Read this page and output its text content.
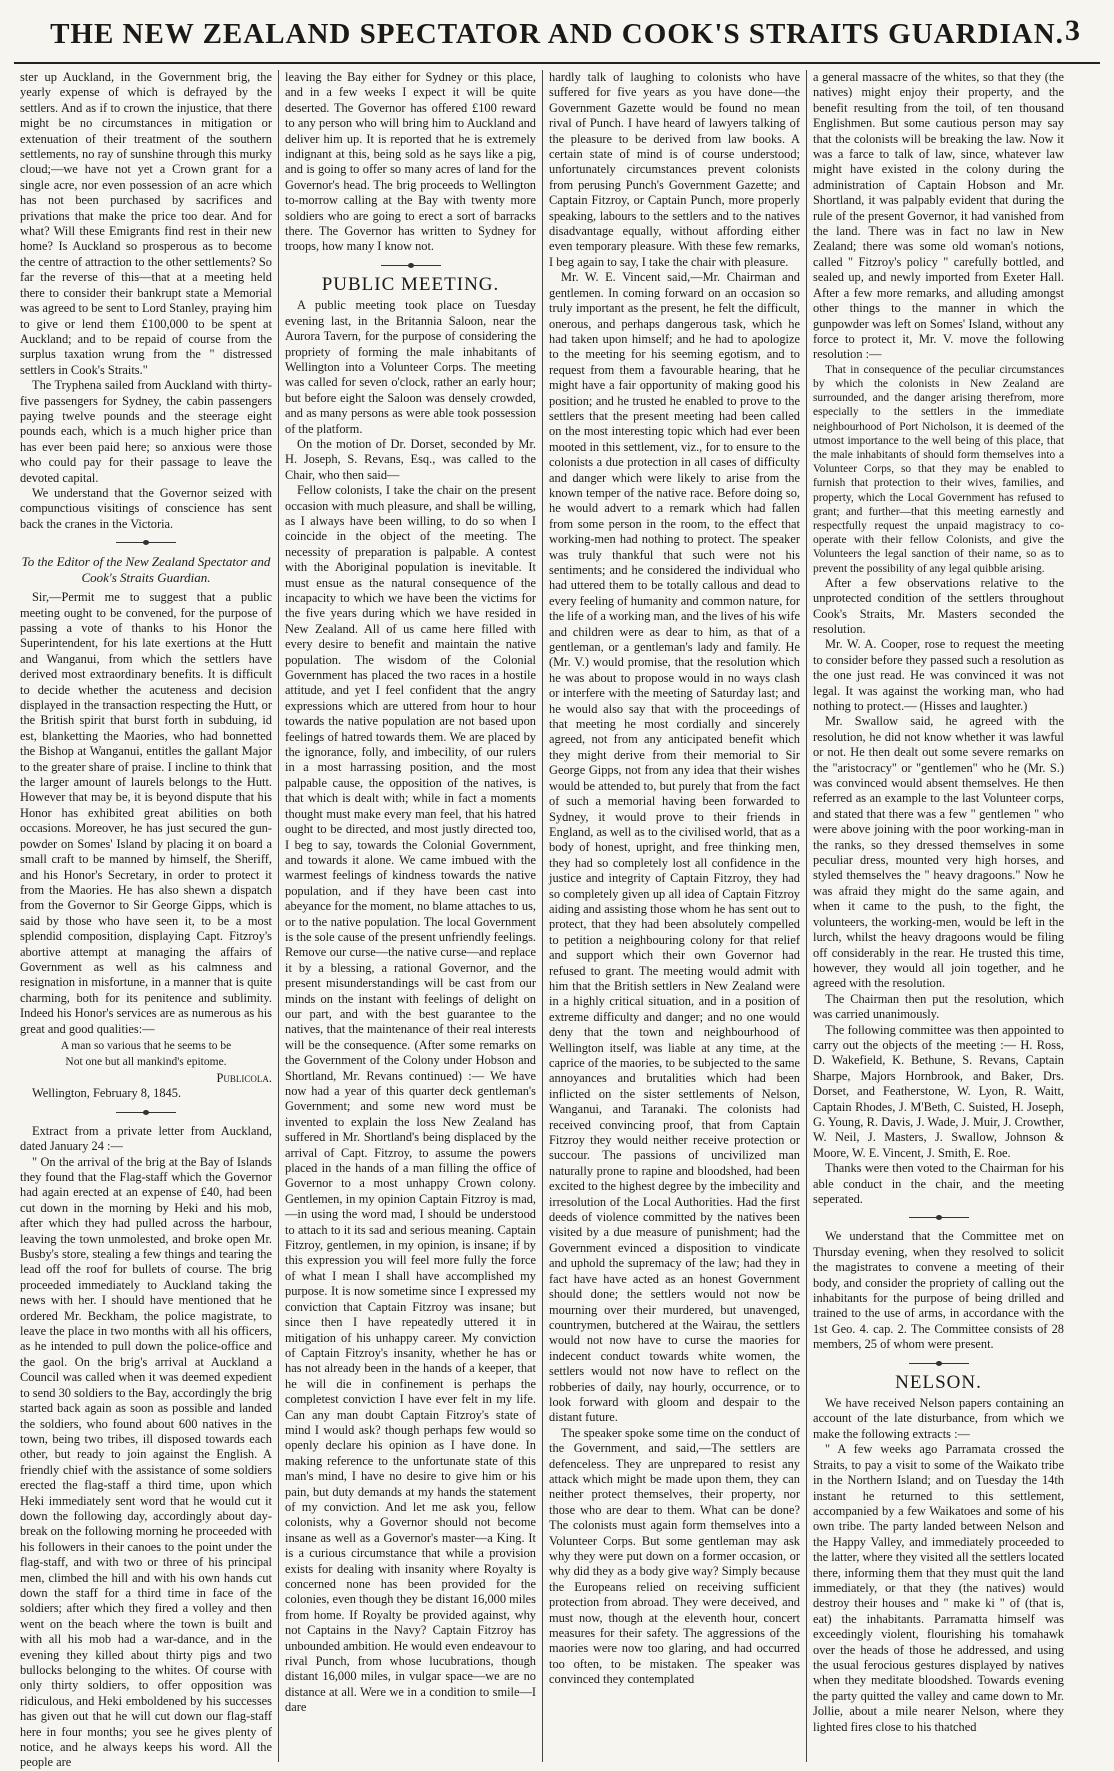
THE NEW ZEALAND SPECTATOR AND COOK'S STRAITS GUARDIAN. 3

ster up Auckland, in the Government brig, the yearly expense of which is defrayed by the settlers. And as if to crown the injustice, that there might be no circumstances in mitigation or extenuation of their treatment of the southern settlements, no ray of sunshine through this murky cloud;—we have not yet a Crown grant for a single acre, nor even possession of an acre which has not been purchased by sacrifices and privations that make the price too dear. And for what? Will these Emigrants find rest in their new home? Is Auckland so prosperous as to become the centre of attraction to the other settlements? So far the reverse of this—that at a meeting held there to consider their bankrupt state a Memorial was agreed to be sent to Lord Stanley, praying him to give or lend them £100,000 to be spent at Auckland; and to be repaid of course from the surplus taxation wrung from the " distressed settlers in Cook's Straits."

The Tryphena sailed from Auckland with thirty-five passengers for Sydney, the cabin passengers paying twelve pounds and the steerage eight pounds each, which is a much higher price than has ever been paid here; so anxious were those who could pay for their passage to leave the devoted capital.

We understand that the Governor seized with compunctious visitings of conscience has sent back the cranes in the Victoria.

To the Editor of the New Zealand Spectator and Cook's Straits Guardian.

Sir,—Permit me to suggest that a public meeting ought to be convened, for the purpose of passing a vote of thanks to his Honor the Superintendent, for his late exertions at the Hutt and Wanganui, from which the settlers have derived most extraordinary benefits. It is difficult to decide whether the acuteness and decision displayed in the transaction respecting the Hutt, or the British spirit that burst forth in subduing, id est, blanketting the Maories, who had bonnetted the Bishop at Wanganui, entitles the gallant Major to the greater share of praise. I incline to think that the larger amount of laurels belongs to the Hutt. However that may be, it is beyond dispute that his Honor has exhibited great abilities on both occasions. Moreover, he has just secured the gun-powder on Somes' Island by placing it on board a small craft to be manned by himself, the Sheriff, and his Honor's Secretary, in order to protect it from the Maories. He has also shewn a dispatch from the Governor to Sir George Gipps, which is said by those who have seen it, to be a most splendid composition, displaying Capt. Fitzroy's abortive attempt at managing the affairs of Government as well as his calmness and resignation in misfortune, in a manner that is quite charming, both for its penitence and sublimity. Indeed his Honor's services are as numerous as his great and good qualities:—

A man so various that he seems to be
Not one but all mankind's epitome.

Publicola.

Wellington, February 8, 1845.

Extract from a private letter from Auckland, dated January 24 :—

" On the arrival of the brig at the Bay of Islands they found that the Flag-staff which the Governor had again erected at an expense of £40, had been cut down in the morning by Heki and his mob, after which they had pulled across the harbour, leaving the town unmolested, and broke open Mr. Busby's store, stealing a few things and tearing the lead off the roof for bullets of course. The brig proceeded immediately to Auckland taking the news with her. I should have mentioned that he ordered Mr. Beckham, the police magistrate, to leave the place in two months with all his officers, as he intended to pull down the police-office and the gaol. On the brig's arrival at Auckland a Council was called when it was deemed expedient to send 30 soldiers to the Bay, accordingly the brig started back again as soon as possible and landed the soldiers, who found about 600 natives in the town, being two tribes, ill disposed towards each other, but ready to join against the English. A friendly chief with the assistance of some soldiers erected the flag-staff a third time, upon which Heki immediately sent word that he would cut it down the following day, accordingly about day-break on the following morning he proceeded with his followers in their canoes to the point under the flag-staff, and with two or three of his principal men, climbed the hill and with his own hands cut down the staff for a third time in face of the soldiers; after which they fired a volley and then went on the beach where the town is built and with all his mob had a war-dance, and in the evening they killed about thirty pigs and two bullocks belonging to the whites. Of course with only thirty soldiers, to offer opposition was ridiculous, and Heki emboldened by his successes has given out that he will cut down our flag-staff here in four months; you see he gives plenty of notice, and he always keeps his word. All the people are

leaving the Bay either for Sydney or this place, and in a few weeks I expect it will be quite deserted. The Governor has offered £100 reward to any person who will bring him to Auckland and deliver him up. It is reported that he is extremely indignant at this, being sold as he says like a pig, and is going to offer so many acres of land for the Governor's head. The brig proceeds to Wellington to-morrow calling at the Bay with twenty more soldiers who are going to erect a sort of barracks there. The Governor has written to Sydney for troops, how many I know not.

PUBLIC MEETING.

A public meeting took place on Tuesday evening last, in the Britannia Saloon, near the Aurora Tavern, for the purpose of considering the propriety of forming the male inhabitants of Wellington into a Volunteer Corps. The meeting was called for seven o'clock, rather an early hour; but before eight the Saloon was densely crowded, and as many persons as were able took possession of the platform.

On the motion of Dr. Dorset, seconded by Mr. H. Joseph, S. Revans, Esq., was called to the Chair, who then said—

Fellow colonists, I take the chair on the present occasion with much pleasure, and shall be willing, as I always have been willing, to do so when I coincide in the object of the meeting. The necessity of preparation is palpable. A contest with the Aboriginal population is inevitable. It must ensue as the natural consequence of the incapacity to which we have been the victims for the five years during which we have resided in New Zealand. All of us came here filled with every desire to benefit and maintain the native population. The wisdom of the Colonial Government has placed the two races in a hostile attitude, and yet I feel confident that the angry expressions which are uttered from hour to hour towards the native population are not based upon feelings of hatred towards them. We are placed by the ignorance, folly, and imbecility, of our rulers in a most harrassing position, and the most palpable cause, the opposition of the natives, is that which is dealt with; while in fact a moments thought must make every man feel, that his hatred ought to be directed, and most justly directed too, I beg to say, towards the Colonial Government, and towards it alone. We came imbued with the warmest feelings of kindness towards the native population, and if they have been cast into abeyance for the moment, no blame attaches to us, or to the native population. The local Government is the sole cause of the present unfriendly feelings. Remove our curse—the native curse—and replace it by a blessing, a rational Governor, and the present misunderstandings will be cast from our minds on the instant with feelings of delight on our part, and with the best guarantee to the natives, that the maintenance of their real interests will be the consequence. (After some remarks on the Government of the Colony under Hobson and Shortland, Mr. Revans continued) :— We have now had a year of this quarter deck gentleman's Government; and some new word must be invented to explain the loss New Zealand has suffered in Mr. Shortland's being displaced by the arrival of Capt. Fitzroy, to assume the powers placed in the hands of a man filling the office of Governor to a most unhappy Crown colony. Gentlemen, in my opinion Captain Fitzroy is mad, —in using the word mad, I should be understood to attach to it its sad and serious meaning. Captain Fitzroy, gentlemen, in my opinion, is insane; if by this expression you will feel more fully the force of what I mean I shall have accomplished my purpose. It is now sometime since I expressed my conviction that Captain Fitzroy was insane; but since then I have repeatedly uttered it in mitigation of his unhappy career. My conviction of Captain Fitzroy's insanity, whether he has or has not already been in the hands of a keeper, that he will die in confinement is perhaps the completest conviction I have ever felt in my life. Can any man doubt Captain Fitzroy's state of mind I would ask? though perhaps few would so openly declare his opinion as I have done. In making reference to the unfortunate state of this man's mind, I have no desire to give him or his pain, but duty demands at my hands the statement of my conviction. And let me ask you, fellow colonists, why a Governor should not become insane as well as a Governor's master—a King. It is a curious circumstance that while a provision exists for dealing with insanity where Royalty is concerned none has been provided for the colonies, even though they be distant 16,000 miles from home. If Royalty be provided against, why not Captains in the Navy? Captain Fitzroy has unbounded ambition. He would even endeavour to rival Punch, from whose lucubrations, though distant 16,000 miles, in vulgar space—we are no distance at all. Were we in a condition to smile—I dare

hardly talk of laughing to colonists who have suffered for five years as you have done—the Government Gazette would be found no mean rival of Punch. I have heard of lawyers talking of the pleasure to be derived from law books. A certain state of mind is of course understood; unfortunately circumstances prevent colonists from perusing Punch's Government Gazette; and Captain Fitzroy, or Captain Punch, more properly speaking, labours to the settlers and to the natives disadvantage equally, without affording either even temporary pleasure. With these few remarks, I beg again to say, I take the chair with pleasure.

Mr. W. E. Vincent said,—Mr. Chairman and gentlemen. In coming forward on an occasion so truly important as the present, he felt the difficult, onerous, and perhaps dangerous task, which he had taken upon himself; and he had to apologize to the meeting for his seeming egotism, and to request from them a favourable hearing, that he might have a fair opportunity of making good his position; and he trusted he enabled to prove to the settlers that the present meeting had been called on the most interesting topic which had ever been mooted in this settlement, viz., for to ensure to the colonists a due protection in all cases of difficulty and danger which were likely to arise from the known temper of the native race. Before doing so, he would advert to a remark which had fallen from some person in the room, to the effect that working-men had nothing to protect. The speaker was truly thankful that such were not his sentiments; and he considered the individual who had uttered them to be totally callous and dead to every feeling of humanity and common nature, for the life of a working man, and the lives of his wife and children were as dear to him, as that of a gentleman, or a gentleman's lady and family. He (Mr. V.) would promise, that the resolution which he was about to propose would in no ways clash or interfere with the meeting of Saturday last; and he would also say that with the proceedings of that meeting he most cordially and sincerely agreed, not from any anticipated benefit which they might derive from their memorial to Sir George Gipps, not from any idea that their wishes would be attended to, but purely that from the fact of such a memorial having been forwarded to Sydney, it would prove to their friends in England, as well as to the civilised world, that as a body of honest, upright, and free thinking men, they had so completely lost all confidence in the justice and integrity of Captain Fitzroy, they had so completely given up all idea of Captain Fitzroy aiding and assisting those whom he has sent out to protect, that they had been absolutely compelled to petition a neighbouring colony for that relief and support which their own Governor had refused to grant. The meeting would admit with him that the British settlers in New Zealand were in a highly critical situation, and in a position of extreme difficulty and danger; and no one would deny that the town and neighbourhood of Wellington itself, was liable at any time, at the caprice of the maories, to be subjected to the same annoyances and brutalities which had been inflicted on the sister settlements of Nelson, Wanganui, and Taranaki. The colonists had received convincing proof, that from Captain Fitzroy they would neither receive protection or succour. The passions of uncivilized man naturally prone to rapine and bloodshed, had been excited to the highest degree by the imbecility and irresolution of the Local Authorities. Had the first deeds of violence committed by the natives been visited by a due measure of punishment; had the Government evinced a disposition to vindicate and uphold the supremacy of the law; had they in fact have have acted as an honest Government should done; the settlers would not now be mourning over their murdered, but unavenged, countrymen, butchered at the Wairau, the settlers would not now have to curse the maories for indecent conduct towards white women, the settlers would not now have to reflect on the robberies of daily, nay hourly, occurrence, or to look forward with gloom and despair to the distant future.

The speaker spoke some time on the conduct of the Government, and said,—The settlers are defenceless. They are unprepared to resist any attack which might be made upon them, they can neither protect themselves, their property, nor those who are dear to them. What can be done? The colonists must again form themselves into a Volunteer Corps. But some gentleman may ask why they were put down on a former occasion, or why did they as a body give way? Simply because the Europeans relied on receiving sufficient protection from abroad. They were deceived, and must now, though at the eleventh hour, concert measures for their safety. The aggressions of the maories were now too glaring, and had occurred too often, to be mistaken. The speaker was convinced they contemplated

a general massacre of the whites, so that they (the natives) might enjoy their property, and the benefit resulting from the toil, of ten thousand Englishmen. But some cautious person may say that the colonists will be breaking the law. Now it was a farce to talk of law, since, whatever law might have existed in the colony during the administration of Captain Hobson and Mr. Shortland, it was palpably evident that during the rule of the present Governor, it had vanished from the land. There was in fact no law in New Zealand; there was some old woman's notions, called " Fitzroy's policy " carefully bottled, and sealed up, and newly imported from Exeter Hall. After a few more remarks, and alluding amongst other things to the manner in which the gunpowder was left on Somes' Island, without any force to protect it, Mr. V. move the following resolution :—

That in consequence of the peculiar circumstances by which the colonists in New Zealand are surrounded, and the danger arising therefrom, more especially to the settlers in the immediate neighbourhood of Port Nicholson, it is deemed of the utmost importance to the well being of this place, that the male inhabitants of should form themselves into a Volunteer Corps, so that they may be enabled to furnish that protection to their wives, families, and property, which the Local Government has refused to grant; and further—that this meeting earnestly and respectfully request the unpaid magistracy to co-operate with their fellow Colonists, and give the Volunteers the legal sanction of their name, so as to prevent the possibility of any legal quibble arising.

After a few observations relative to the unprotected condition of the settlers throughout Cook's Straits, Mr. Masters seconded the resolution.

Mr. W. A. Cooper, rose to request the meeting to consider before they passed such a resolution as the one just read. He was convinced it was not legal. It was against the working man, who had nothing to protect.— (Hisses and laughter.)

Mr. Swallow said, he agreed with the resolution, he did not know whether it was lawful or not. He then dealt out some severe remarks on the "aristocracy" or "gentlemen" who he (Mr. S.) was convinced would absent themselves. He then referred as an example to the last Volunteer corps, and stated that there was a few " gentlemen " who were above joining with the poor working-man in the ranks, so they dressed themselves in some peculiar dress, mounted very high horses, and styled themselves the " heavy dragoons." Now he was afraid they might do the same again, and when it came to the push, to the fight, the volunteers, the working-men, would be left in the lurch, whilst the heavy dragoons would be filing off considerably in the rear. He trusted this time, however, they would all join together, and he agreed with the resolution.

The Chairman then put the resolution, which was carried unanimously.

The following committee was then appointed to carry out the objects of the meeting :— H. Ross, D. Wakefield, K. Bethune, S. Revans, Captain Sharpe, Majors Hornbrook, and Baker, Drs. Dorset, and Featherstone, W. Lyon, R. Waitt, Captain Rhodes, J. M'Beth, C. Suisted, H. Joseph, G. Young, R. Davis, J. Wade, J. Muir, J. Crowther, W. Neil, J. Masters, J. Swallow, Johnson & Moore, W. E. Vincent, J. Smith, E. Roe.

Thanks were then voted to the Chairman for his able conduct in the chair, and the meeting seperated.

We understand that the Committee met on Thursday evening, when they resolved to solicit the magistrates to convene a meeting of their body, and consider the propriety of calling out the inhabitants for the purpose of being drilled and trained to the use of arms, in accordance with the 1st Geo. 4. cap. 2. The Committee consists of 28 members, 25 of whom were present.

NELSON.

We have received Nelson papers containing an account of the late disturbance, from which we make the following extracts :—

" A few weeks ago Parramata crossed the Straits, to pay a visit to some of the Waikato tribe in the Northern Island; and on Tuesday the 14th instant he returned to this settlement, accompanied by a few Waikatoes and some of his own tribe. The party landed between Nelson and the Happy Valley, and immediately proceeded to the latter, where they visited all the settlers located there, informing them that they must quit the land immediately, or that they (the natives) would destroy their houses and " make ki " of (that is, eat) the inhabitants. Parramatta himself was exceedingly violent, flourishing his tomahawk over the heads of those he addressed, and using the usual ferocious gestures displayed by natives when they meditate bloodshed. Towards evening the party quitted the valley and came down to Mr. Jollie, about a mile nearer Nelson, where they lighted fires close to his thatched
